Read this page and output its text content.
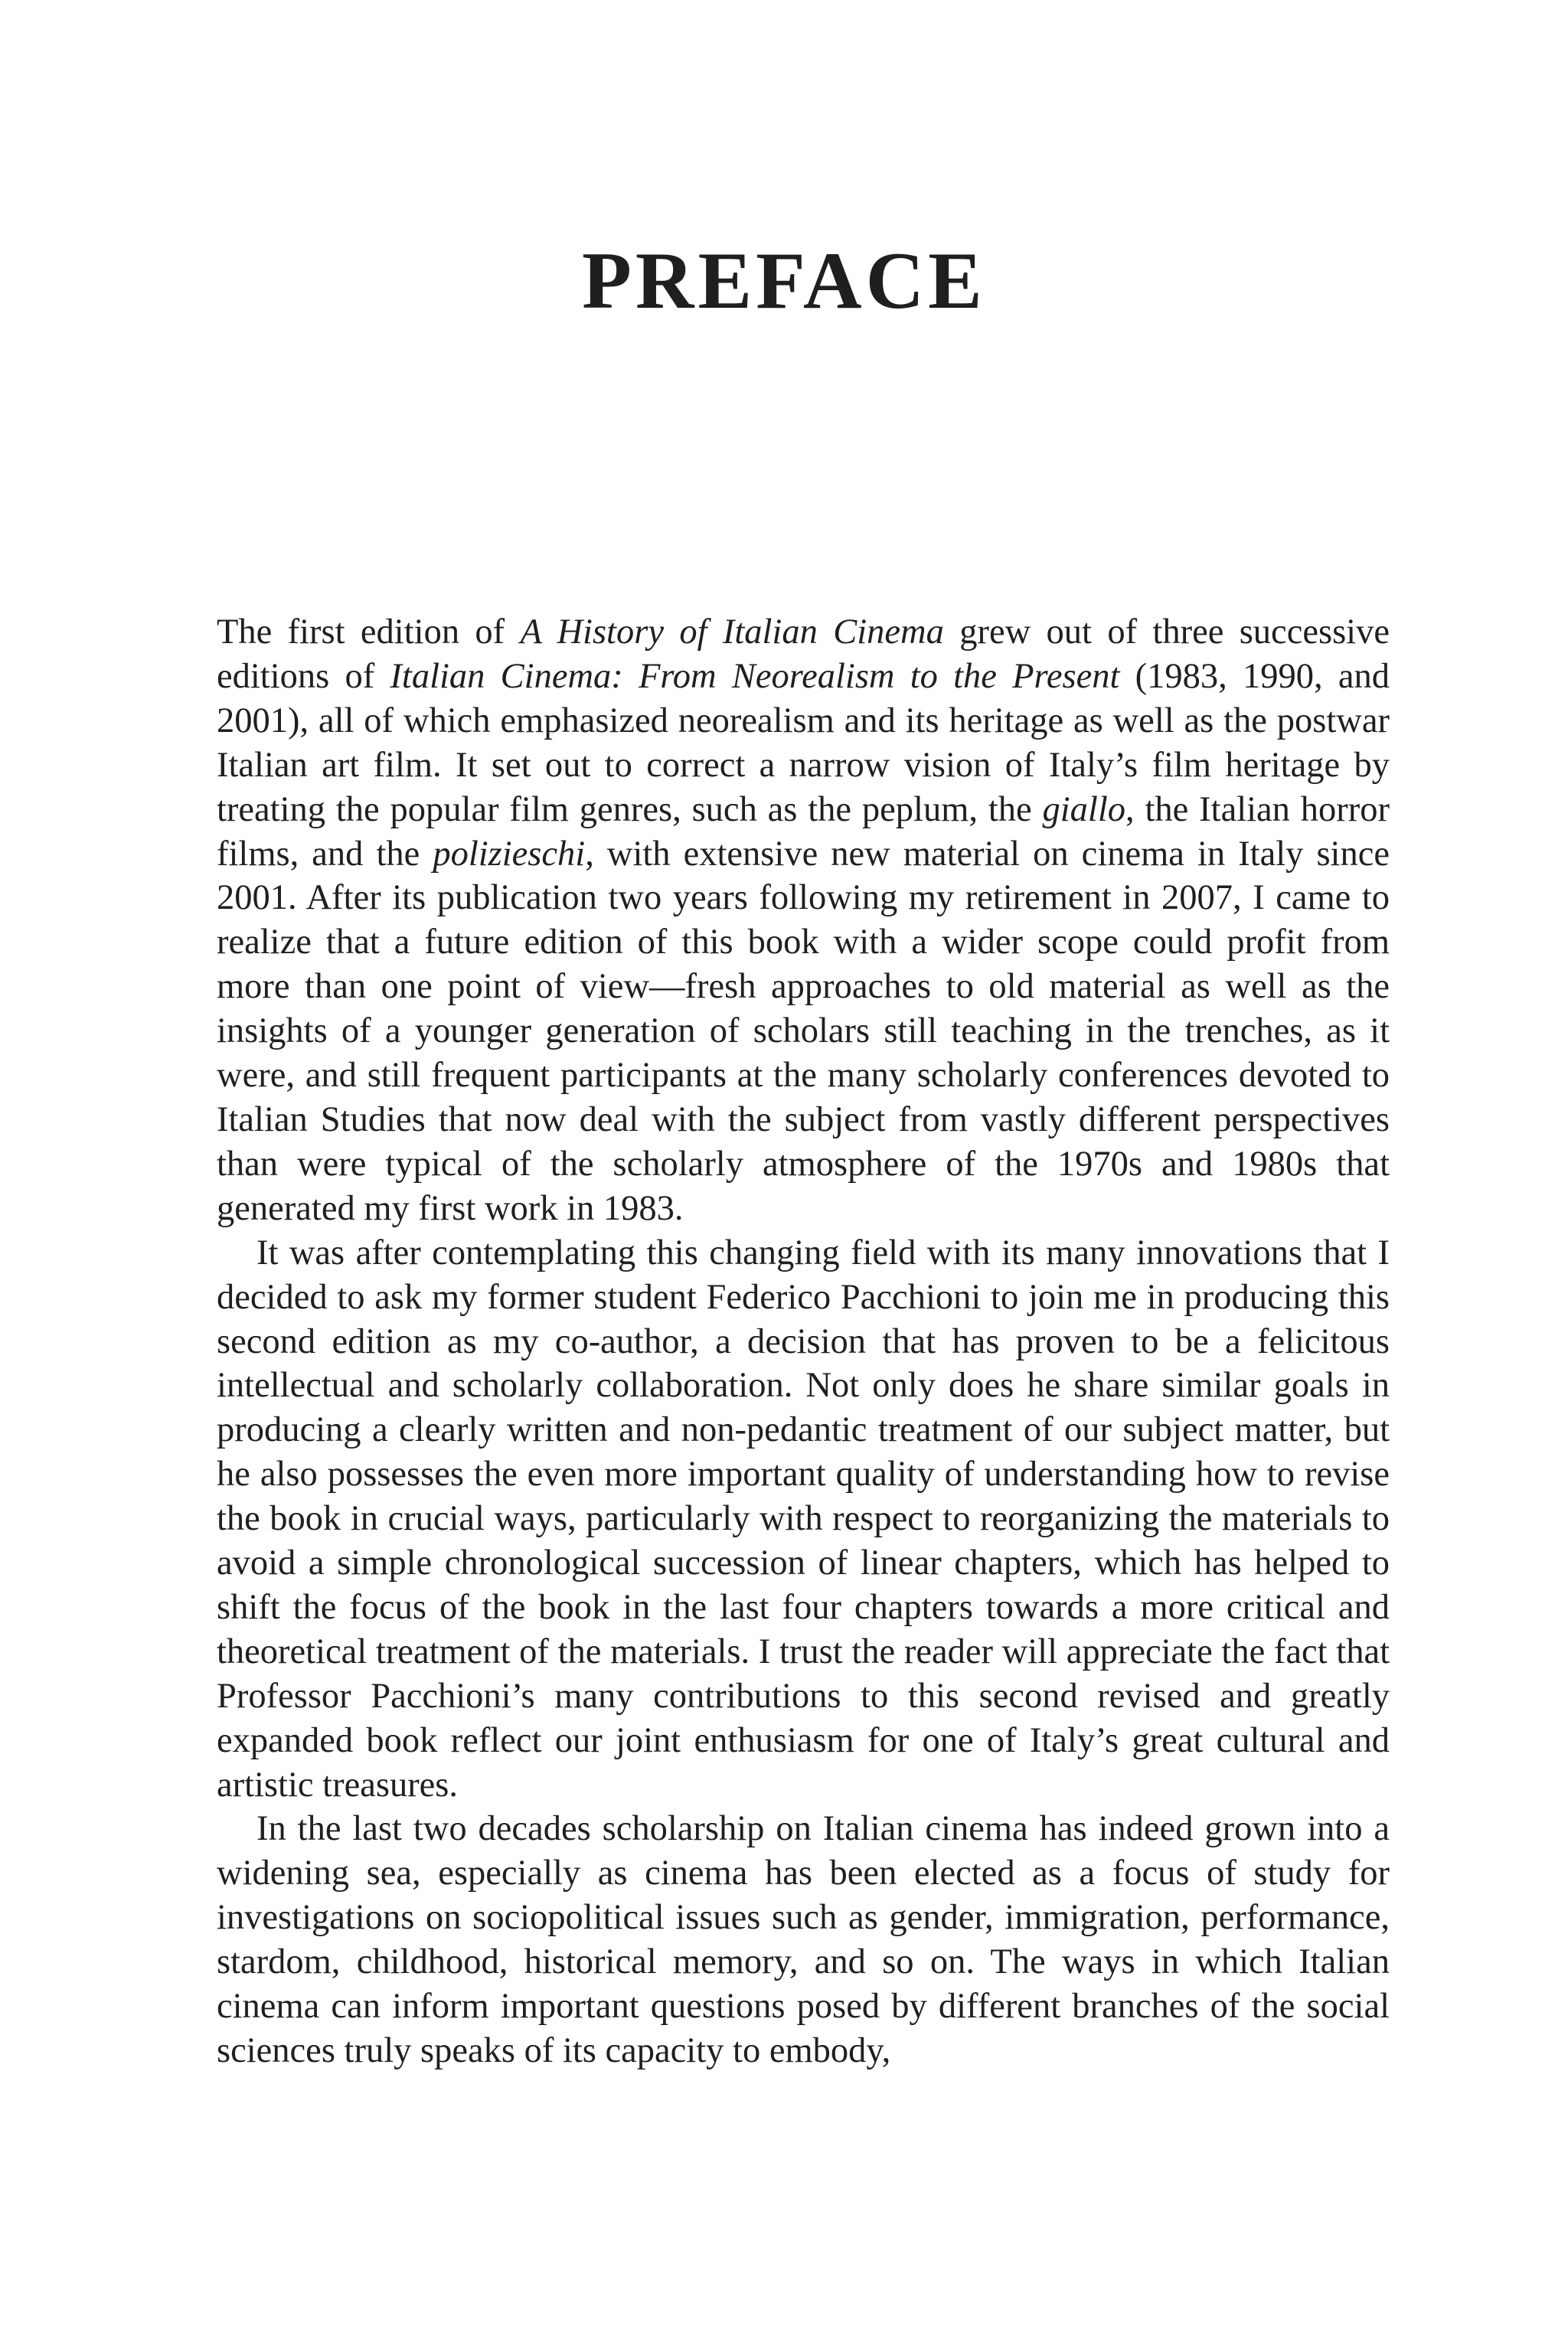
PREFACE

The first edition of A History of Italian Cinema grew out of three successive editions of Italian Cinema: From Neorealism to the Present (1983, 1990, and 2001), all of which emphasized neorealism and its heritage as well as the postwar Italian art film. It set out to correct a narrow vision of Italy’s film heritage by treating the popular film genres, such as the peplum, the giallo, the Italian horror films, and the polizieschi, with extensive new material on cinema in Italy since 2001. After its publication two years following my retirement in 2007, I came to realize that a future edition of this book with a wider scope could profit from more than one point of view—fresh approaches to old material as well as the insights of a younger generation of scholars still teaching in the trenches, as it were, and still frequent participants at the many scholarly conferences devoted to Italian Studies that now deal with the subject from vastly different perspectives than were typical of the scholarly atmosphere of the 1970s and 1980s that generated my first work in 1983.

It was after contemplating this changing field with its many innovations that I decided to ask my former student Federico Pacchioni to join me in producing this second edition as my co-author, a decision that has proven to be a felicitous intellectual and scholarly collaboration. Not only does he share similar goals in producing a clearly written and non-pedantic treatment of our subject matter, but he also possesses the even more important quality of understanding how to revise the book in crucial ways, particularly with respect to reorganizing the materials to avoid a simple chronological succession of linear chapters, which has helped to shift the focus of the book in the last four chapters towards a more critical and theoretical treatment of the materials. I trust the reader will appreciate the fact that Professor Pacchioni’s many contributions to this second revised and greatly expanded book reflect our joint enthusiasm for one of Italy’s great cultural and artistic treasures.

In the last two decades scholarship on Italian cinema has indeed grown into a widening sea, especially as cinema has been elected as a focus of study for investigations on sociopolitical issues such as gender, immigration, performance, stardom, childhood, historical memory, and so on. The ways in which Italian cinema can inform important questions posed by different branches of the social sciences truly speaks of its capacity to embody,
